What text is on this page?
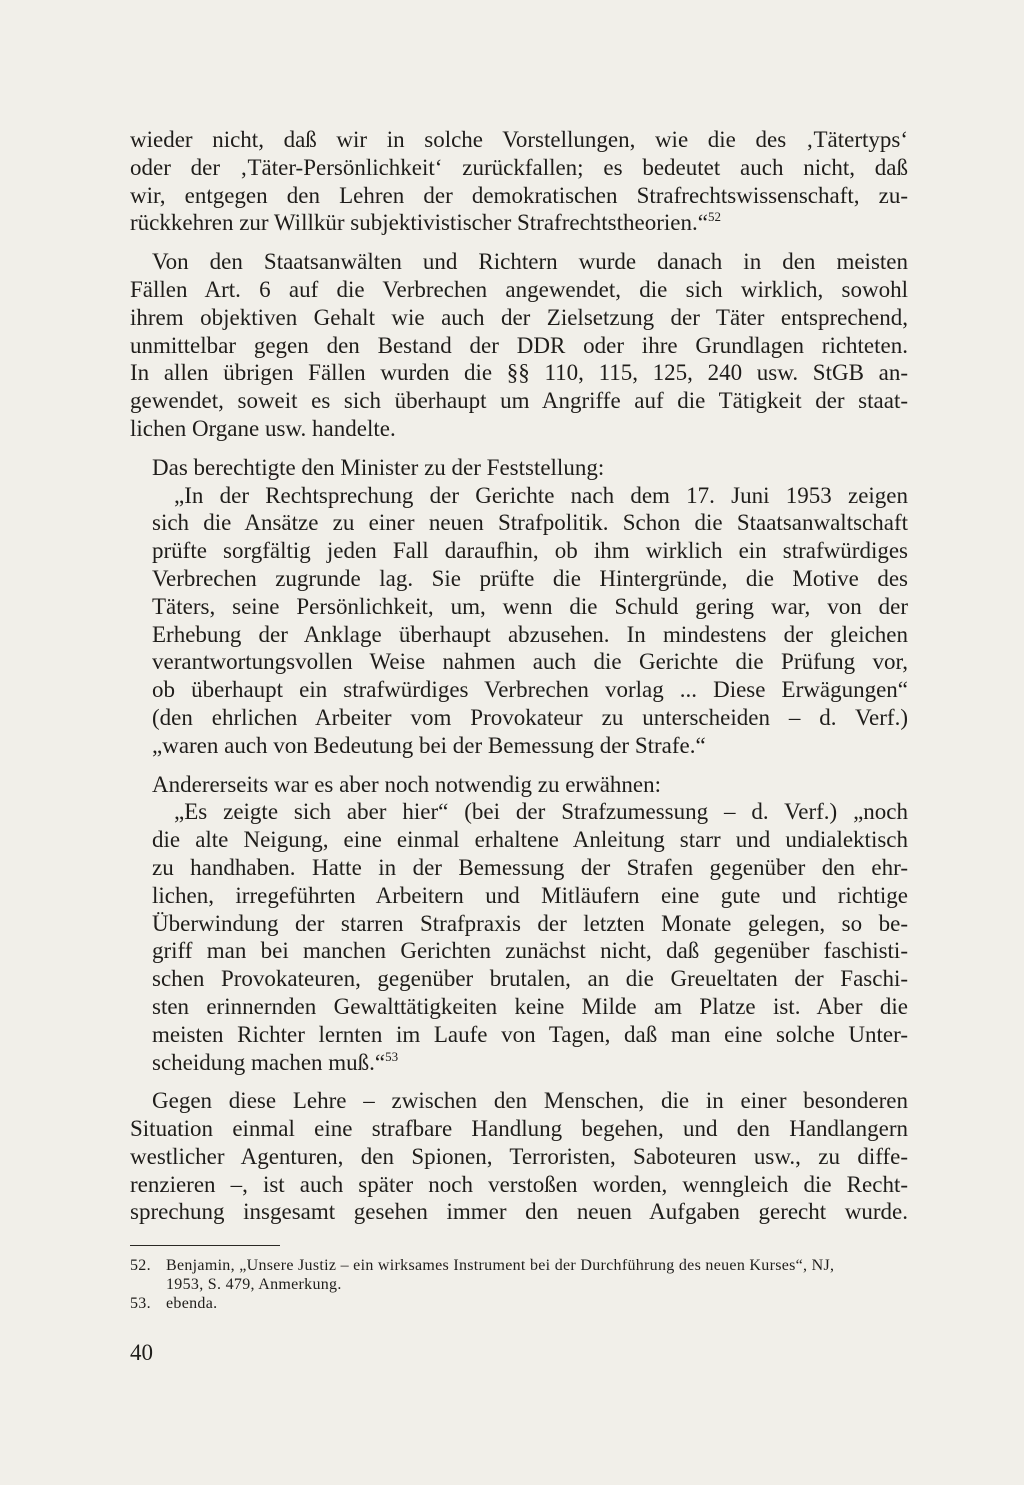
wieder nicht, daß wir in solche Vorstellungen, wie die des ‚Tätertyps‘
oder der ‚Täter-Persönlichkeit‘ zurückfallen; es bedeutet auch nicht, daß
wir, entgegen den Lehren der demokratischen Strafrechtswissenschaft, zu-
rückkehren zur Willkür subjektivistischer Strafrechtstheorien.“$^{52}$
Von den Staatsanwälten und Richtern wurde danach in den meisten
Fällen Art. 6 auf die Verbrechen angewendet, die sich wirklich, sowohl
ihrem objektiven Gehalt wie auch der Zielsetzung der Täter entsprechend,
unmittelbar gegen den Bestand der DDR oder ihre Grundlagen richteten.
In allen übrigen Fällen wurden die §§ 110, 115, 125, 240 usw. StGB an-
gewendet, soweit es sich überhaupt um Angriffe auf die Tätigkeit der staat-
lichen Organe usw. handelte.
Das berechtigte den Minister zu der Feststellung:
„In der Rechtsprechung der Gerichte nach dem 17. Juni 1953 zeigen
sich die Ansätze zu einer neuen Strafpolitik. Schon die Staatsanwaltschaft
prüfte sorgfältig jeden Fall daraufhin, ob ihm wirklich ein strafwürdiges
Verbrechen zugrunde lag. Sie prüfte die Hintergründe, die Motive des
Täters, seine Persönlichkeit, um, wenn die Schuld gering war, von der
Erhebung der Anklage überhaupt abzusehen. In mindestens der gleichen
verantwortungsvollen Weise nahmen auch die Gerichte die Prüfung vor,
ob überhaupt ein strafwürdiges Verbrechen vorlag ... Diese Erwägungen“
(den ehrlichen Arbeiter vom Provokateur zu unterscheiden – d. Verf.)
„waren auch von Bedeutung bei der Bemessung der Strafe.“
Andererseits war es aber noch notwendig zu erwähnen:
„Es zeigte sich aber hier“ (bei der Strafzumessung – d. Verf.) „noch
die alte Neigung, eine einmal erhaltene Anleitung starr und undialektisch
zu handhaben. Hatte in der Bemessung der Strafen gegenüber den ehr-
lichen, irregeführten Arbeitern und Mitläufern eine gute und richtige
Überwindung der starren Strafpraxis der letzten Monate gelegen, so be-
griff man bei manchen Gerichten zunächst nicht, daß gegenüber faschisti-
schen Provokateuren, gegenüber brutalen, an die Greueltaten der Faschi-
sten erinnernden Gewalttätigkeiten keine Milde am Platze ist. Aber die
meisten Richter lernten im Laufe von Tagen, daß man eine solche Unter-
scheidung machen muß.“$^{53}$
Gegen diese Lehre – zwischen den Menschen, die in einer besonderen
Situation einmal eine strafbare Handlung begehen, und den Handlangern
westlicher Agenturen, den Spionen, Terroristen, Saboteuren usw., zu diffe-
renzieren –, ist auch später noch verstoßen worden, wenngleich die Recht-
sprechung insgesamt gesehen immer den neuen Aufgaben gerecht wurde.
52. Benjamin, „Unsere Justiz – ein wirksames Instrument bei der Durchführung des neuen Kurses“, NJ,
1953, S. 479, Anmerkung.
53. ebenda.
40
